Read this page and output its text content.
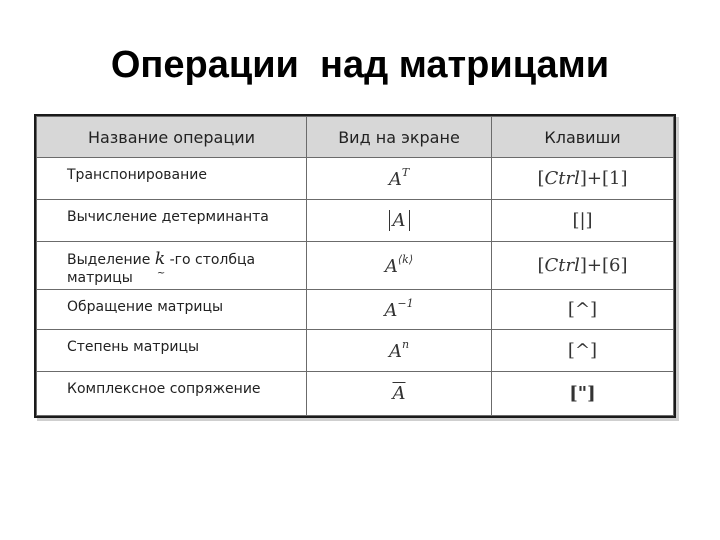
Операции  над матрицами
Название операции	Вид на экране	Клавиши
Транспонирование	$A^T$	[Ctrl]+[1]
Вычисление детерминанта	A	[|]
Выделение k
~
-го столбца
матрицы	$A^{⟨k⟩}$	[Ctrl]+[6]
Обращение матрицы	$A^{-1}$	[^]
Степень матрицы	$A^n$	[^]
Комплексное сопряжение	$\overline{A}$	["]
